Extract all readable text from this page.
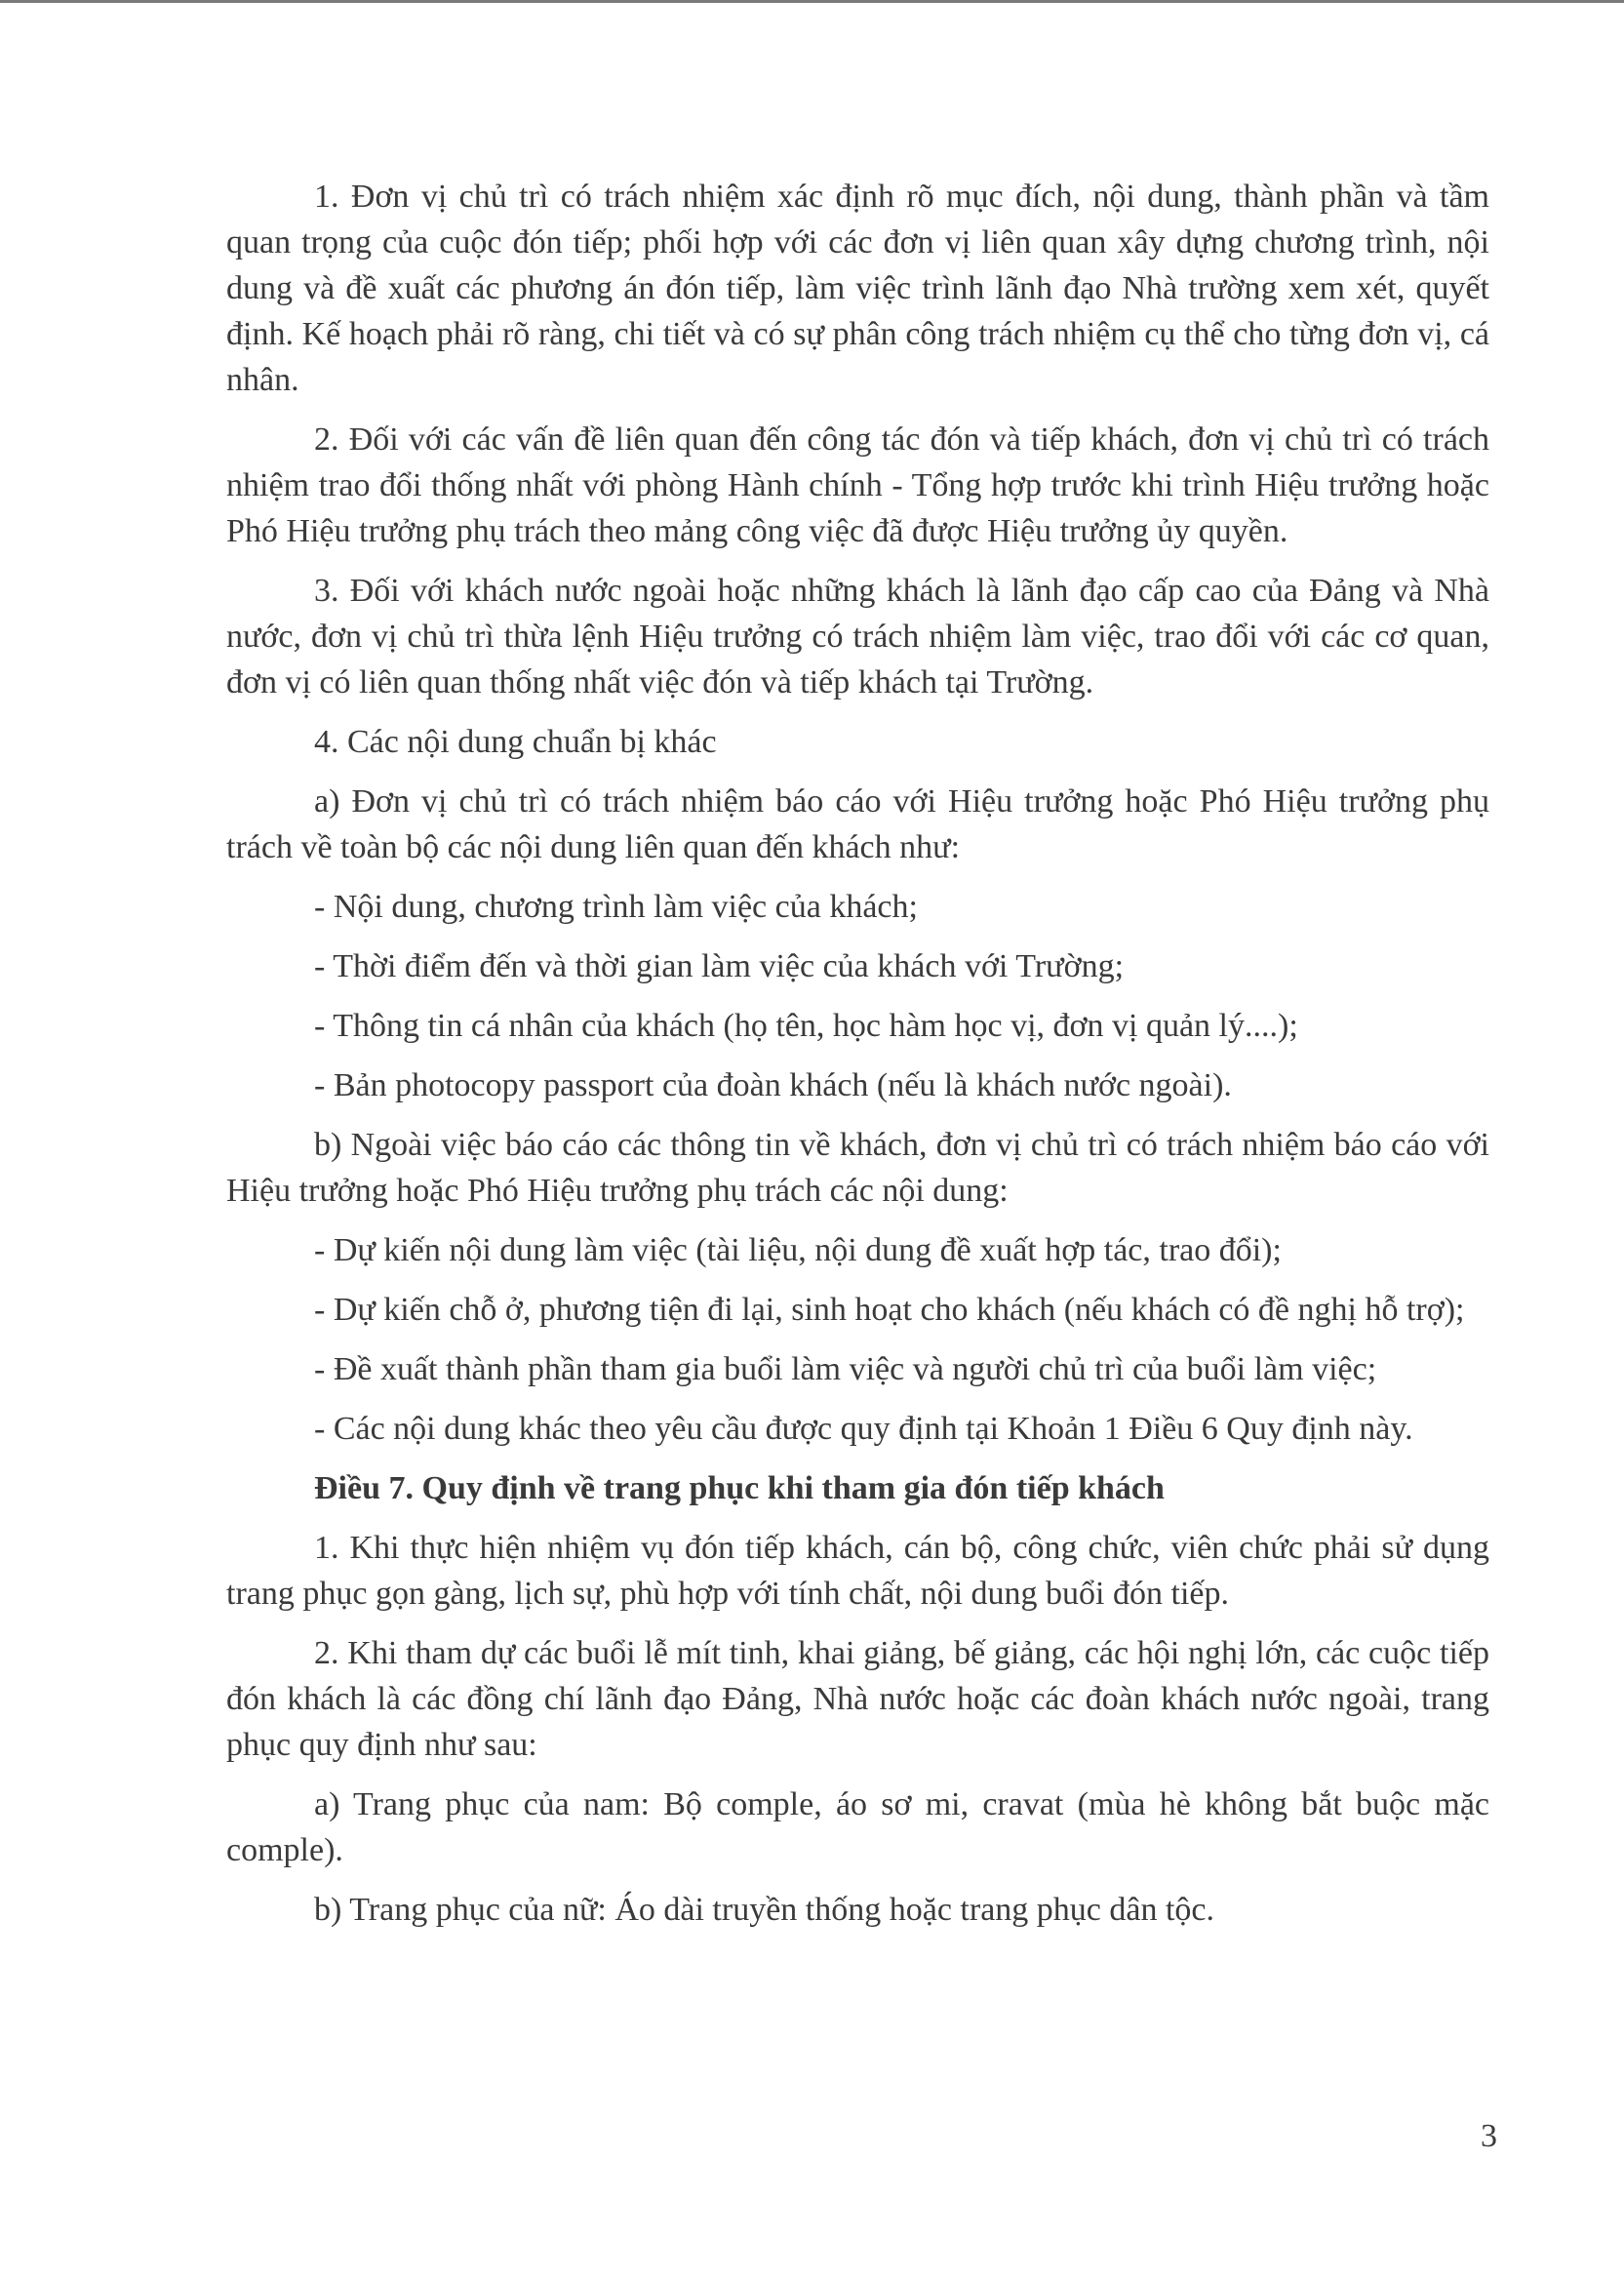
1. Đơn vị chủ trì có trách nhiệm xác định rõ mục đích, nội dung, thành phần và tầm quan trọng của cuộc đón tiếp; phối hợp với các đơn vị liên quan xây dựng chương trình, nội dung và đề xuất các phương án đón tiếp, làm việc trình lãnh đạo Nhà trường xem xét, quyết định. Kế hoạch phải rõ ràng, chi tiết và có sự phân công trách nhiệm cụ thể cho từng đơn vị, cá nhân.

2. Đối với các vấn đề liên quan đến công tác đón và tiếp khách, đơn vị chủ trì có trách nhiệm trao đổi thống nhất với phòng Hành chính - Tổng hợp trước khi trình Hiệu trưởng hoặc Phó Hiệu trưởng phụ trách theo mảng công việc đã được Hiệu trưởng ủy quyền.

3. Đối với khách nước ngoài hoặc những khách là lãnh đạo cấp cao của Đảng và Nhà nước, đơn vị chủ trì thừa lệnh Hiệu trưởng có trách nhiệm làm việc, trao đổi với các cơ quan, đơn vị có liên quan thống nhất việc đón và tiếp khách tại Trường.

4. Các nội dung chuẩn bị khác

a) Đơn vị chủ trì có trách nhiệm báo cáo với Hiệu trưởng hoặc Phó Hiệu trưởng phụ trách về toàn bộ các nội dung liên quan đến khách như:

- Nội dung, chương trình làm việc của khách;

- Thời điểm đến và thời gian làm việc của khách với Trường;

- Thông tin cá nhân của khách (họ tên, học hàm học vị, đơn vị quản lý....);

- Bản photocopy passport của đoàn khách (nếu là khách nước ngoài).

b) Ngoài việc báo cáo các thông tin về khách, đơn vị chủ trì có trách nhiệm báo cáo với Hiệu trưởng hoặc Phó Hiệu trưởng phụ trách các nội dung:

- Dự kiến nội dung làm việc (tài liệu, nội dung đề xuất hợp tác, trao đổi);

- Dự kiến chỗ ở, phương tiện đi lại, sinh hoạt cho khách (nếu khách có đề nghị hỗ trợ);

- Đề xuất thành phần tham gia buổi làm việc và người chủ trì của buổi làm việc;

- Các nội dung khác theo yêu cầu được quy định tại Khoản 1 Điều 6 Quy định này.

Điều 7. Quy định về trang phục khi tham gia đón tiếp khách

1. Khi thực hiện nhiệm vụ đón tiếp khách, cán bộ, công chức, viên chức phải sử dụng trang phục gọn gàng, lịch sự, phù hợp với tính chất, nội dung buổi đón tiếp.

2. Khi tham dự các buổi lễ mít tinh, khai giảng, bế giảng, các hội nghị lớn, các cuộc tiếp đón khách là các đồng chí lãnh đạo Đảng, Nhà nước hoặc các đoàn khách nước ngoài, trang phục quy định như sau:

a) Trang phục của nam: Bộ comple, áo sơ mi, cravat (mùa hè không bắt buộc mặc comple).

b) Trang phục của nữ: Áo dài truyền thống hoặc trang phục dân tộc.

3
